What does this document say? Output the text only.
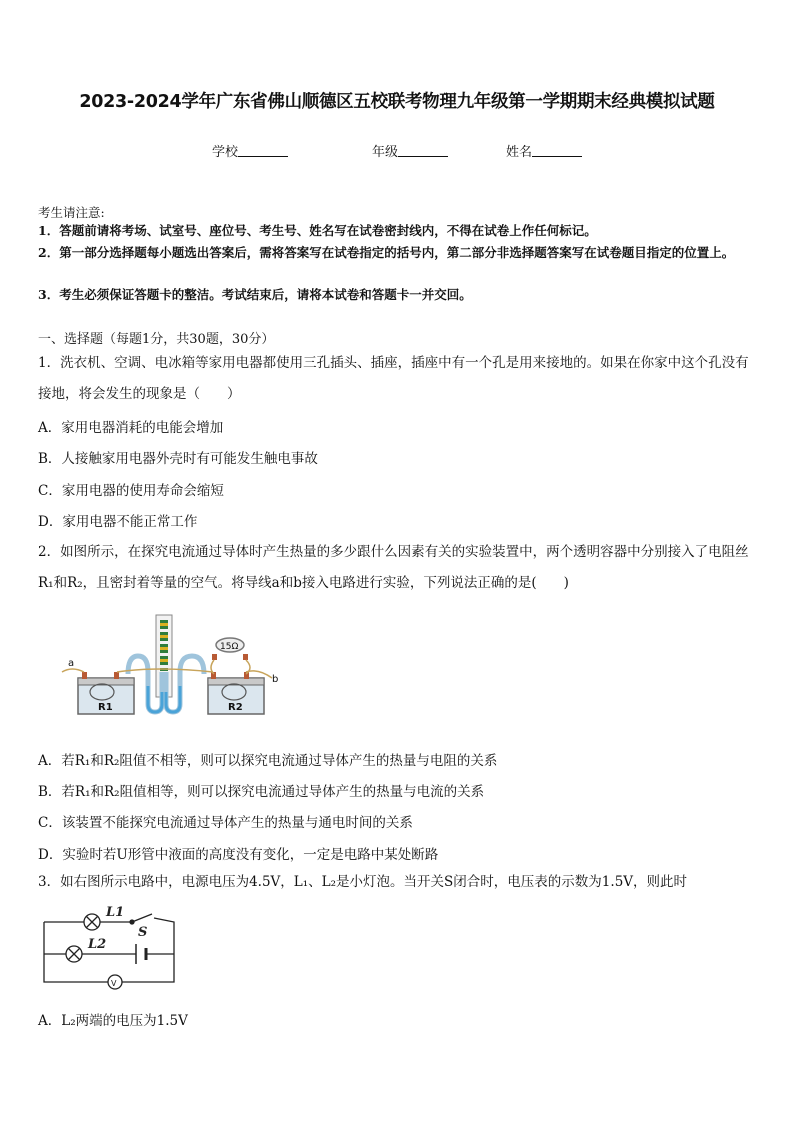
2023-2024学年广东省佛山顺德区五校联考物理九年级第一学期期末经典模拟试题
学校	年级	姓名
考生请注意:
1．答题前请将考场、试室号、座位号、考生号、姓名写在试卷密封线内，不得在试卷上作任何标记。
2．第一部分选择题每小题选出答案后，需将答案写在试卷指定的括号内，第二部分非选择题答案写在试卷题目指定的位置上。
3．考生必须保证答题卡的整洁。考试结束后，请将本试卷和答题卡一并交回。
一、选择题（每题1分，共30题，30分）
1．洗衣机、空调、电冰箱等家用电器都使用三孔插头、插座，插座中有一个孔是用来接地的。如果在你家中这个孔没有接地，将会发生的现象是（　　）
A．家用电器消耗的电能会增加
B．人接触家用电器外壳时有可能发生触电事故
C．家用电器的使用寿命会缩短
D．家用电器不能正常工作
2．如图所示，在探究电流通过导体时产生热量的多少跟什么因素有关的实验装置中，两个透明容器中分别接入了电阻丝R₁和R₂，且密封着等量的空气。将导线a和b接入电路进行实验，下列说法正确的是(　　)
R1	R2
15Ω
a
b
A．若R₁和R₂阻值不相等，则可以探究电流通过导体产生的热量与电阻的关系
B．若R₁和R₂阻值相等，则可以探究电流通过导体产生的热量与电流的关系
C．该装置不能探究电流通过导体产生的热量与通电时间的关系
D．实验时若U形管中液面的高度没有变化，一定是电路中某处断路
3．如右图所示电路中，电源电压为4.5V，L₁、L₂是小灯泡。当开关S闭合时，电压表的示数为1.5V，则此时
V
L1
S
L2
A．L₂两端的电压为1.5V
